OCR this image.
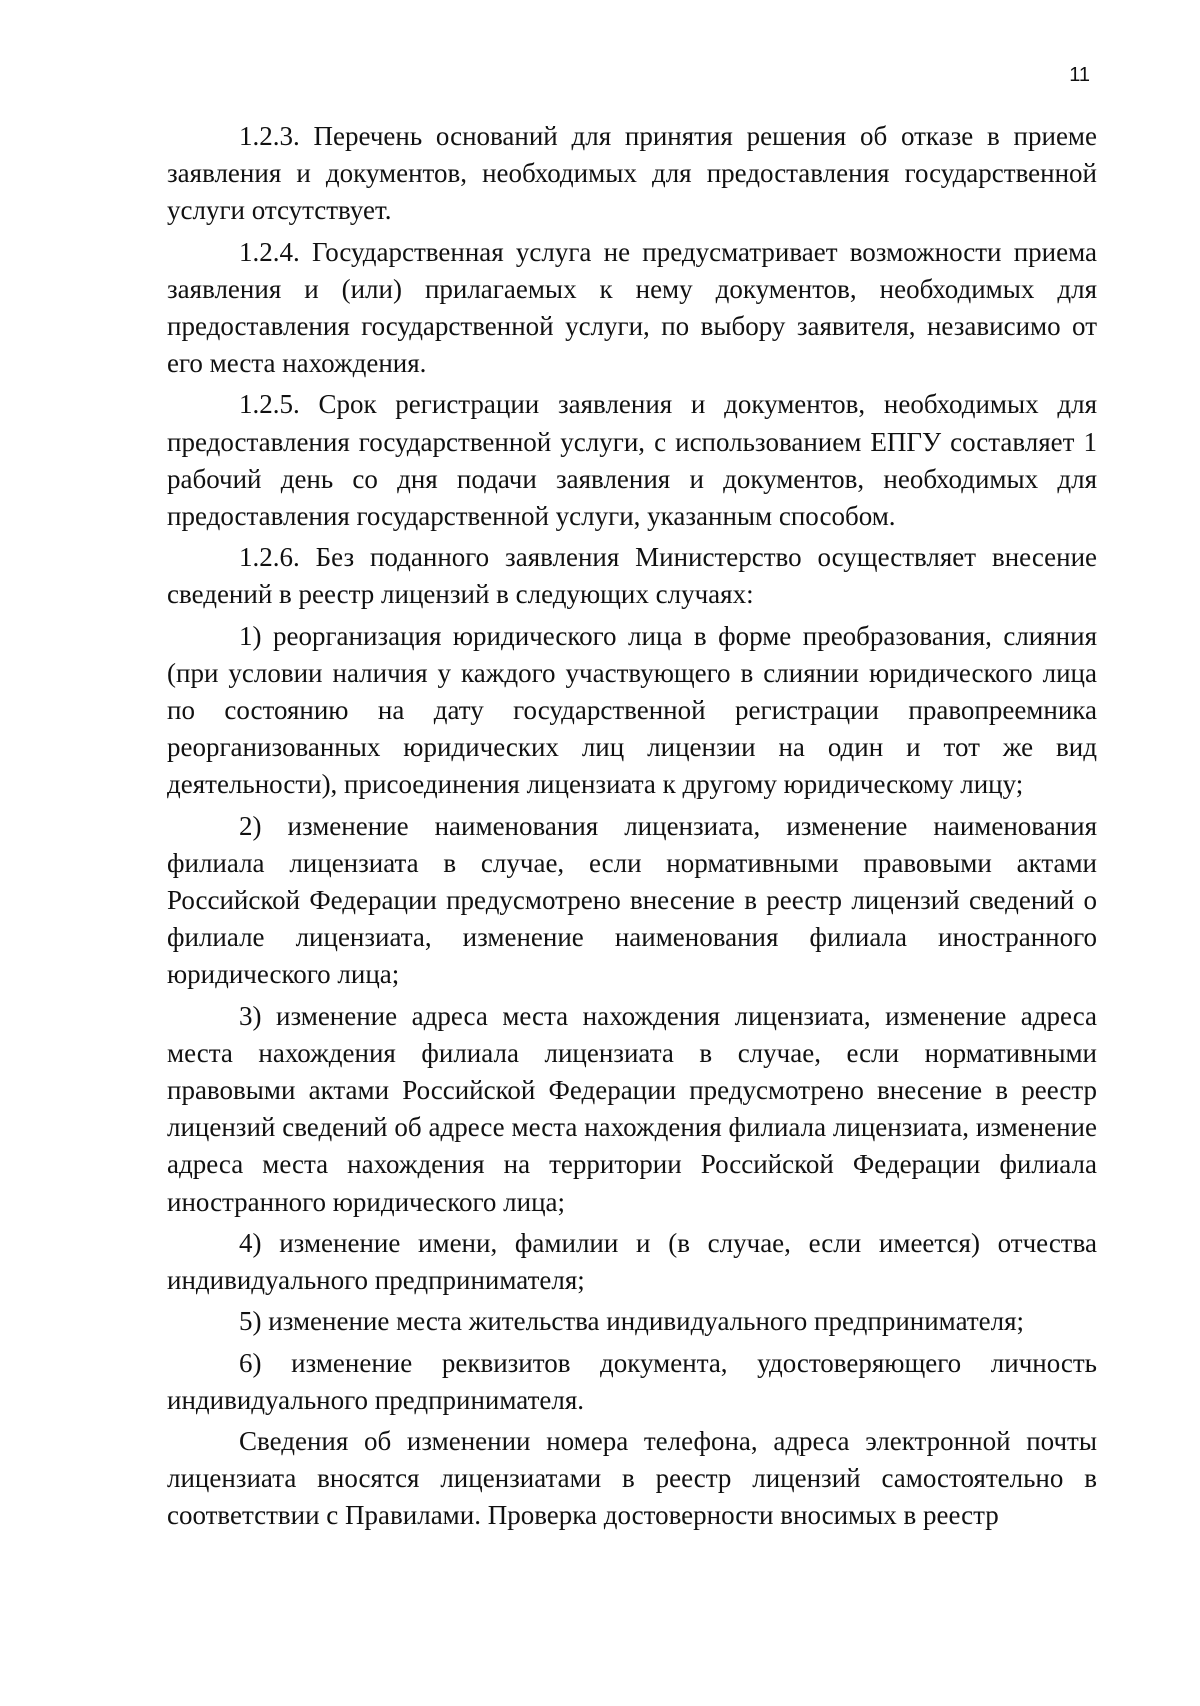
11

1.2.3. Перечень оснований для принятия решения об отказе в приеме заявления и документов, необходимых для предоставления государственной услуги отсутствует.

1.2.4. Государственная услуга не предусматривает возможности приема заявления и (или) прилагаемых к нему документов, необходимых для предоставления государственной услуги, по выбору заявителя, независимо от его места нахождения.

1.2.5. Срок регистрации заявления и документов, необходимых для предоставления государственной услуги, с использованием ЕПГУ составляет 1 рабочий день со дня подачи заявления и документов, необходимых для предоставления государственной услуги, указанным способом.

1.2.6. Без поданного заявления Министерство осуществляет внесение сведений в реестр лицензий в следующих случаях:

1) реорганизация юридического лица в форме преобразования, слияния (при условии наличия у каждого участвующего в слиянии юридического лица по состоянию на дату государственной регистрации правопреемника реорганизованных юридических лиц лицензии на один и тот же вид деятельности), присоединения лицензиата к другому юридическому лицу;

2) изменение наименования лицензиата, изменение наименования филиала лицензиата в случае, если нормативными правовыми актами Российской Федерации предусмотрено внесение в реестр лицензий сведений о филиале лицензиата, изменение наименования филиала иностранного юридического лица;

3) изменение адреса места нахождения лицензиата, изменение адреса места нахождения филиала лицензиата в случае, если нормативными правовыми актами Российской Федерации предусмотрено внесение в реестр лицензий сведений об адресе места нахождения филиала лицензиата, изменение адреса места нахождения на территории Российской Федерации филиала иностранного юридического лица;

4) изменение имени, фамилии и (в случае, если имеется) отчества индивидуального предпринимателя;

5) изменение места жительства индивидуального предпринимателя;

6) изменение реквизитов документа, удостоверяющего личность индивидуального предпринимателя.

Сведения об изменении номера телефона, адреса электронной почты лицензиата вносятся лицензиатами в реестр лицензий самостоятельно в соответствии с Правилами. Проверка достоверности вносимых в реестр
